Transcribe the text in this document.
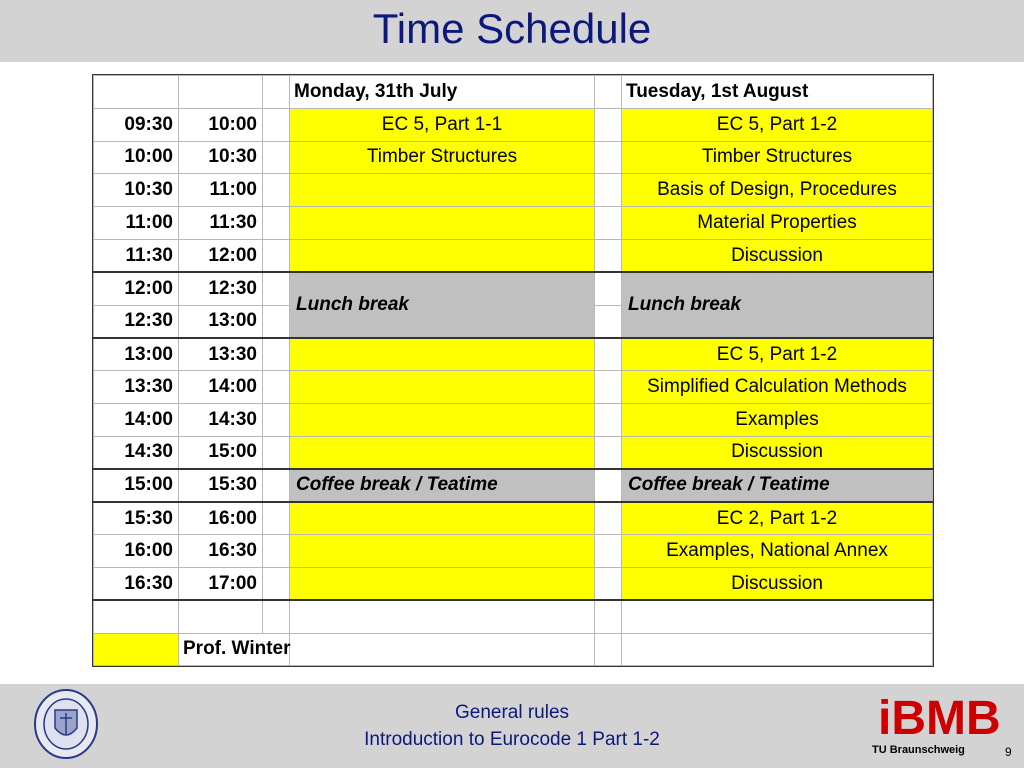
Time Schedule
			Monday, 31th July		Tuesday, 1st August
09:30	10:00		EC 5, Part 1-1		EC 5, Part 1-2
10:00	10:30		Timber Structures		Timber Structures
10:30	11:00				Basis of Design, Procedures
11:00	11:30				Material Properties
11:30	12:00				Discussion
12:00	12:30		Lunch break		Lunch break
12:30	13:00				
13:00	13:30				EC 5, Part 1-2
13:30	14:00				Simplified Calculation Methods
14:00	14:30				Examples
14:30	15:00				Discussion
15:00	15:30		Coffee break / Teatime		Coffee break / Teatime
15:30	16:00				EC 2, Part 1-2
16:00	16:30				Examples, National Annex
16:30	17:00				Discussion

	Prof. Winter				
General rules
Introduction to Eurocode 1 Part 1-2	iBMB
TU Braunschweig	9
